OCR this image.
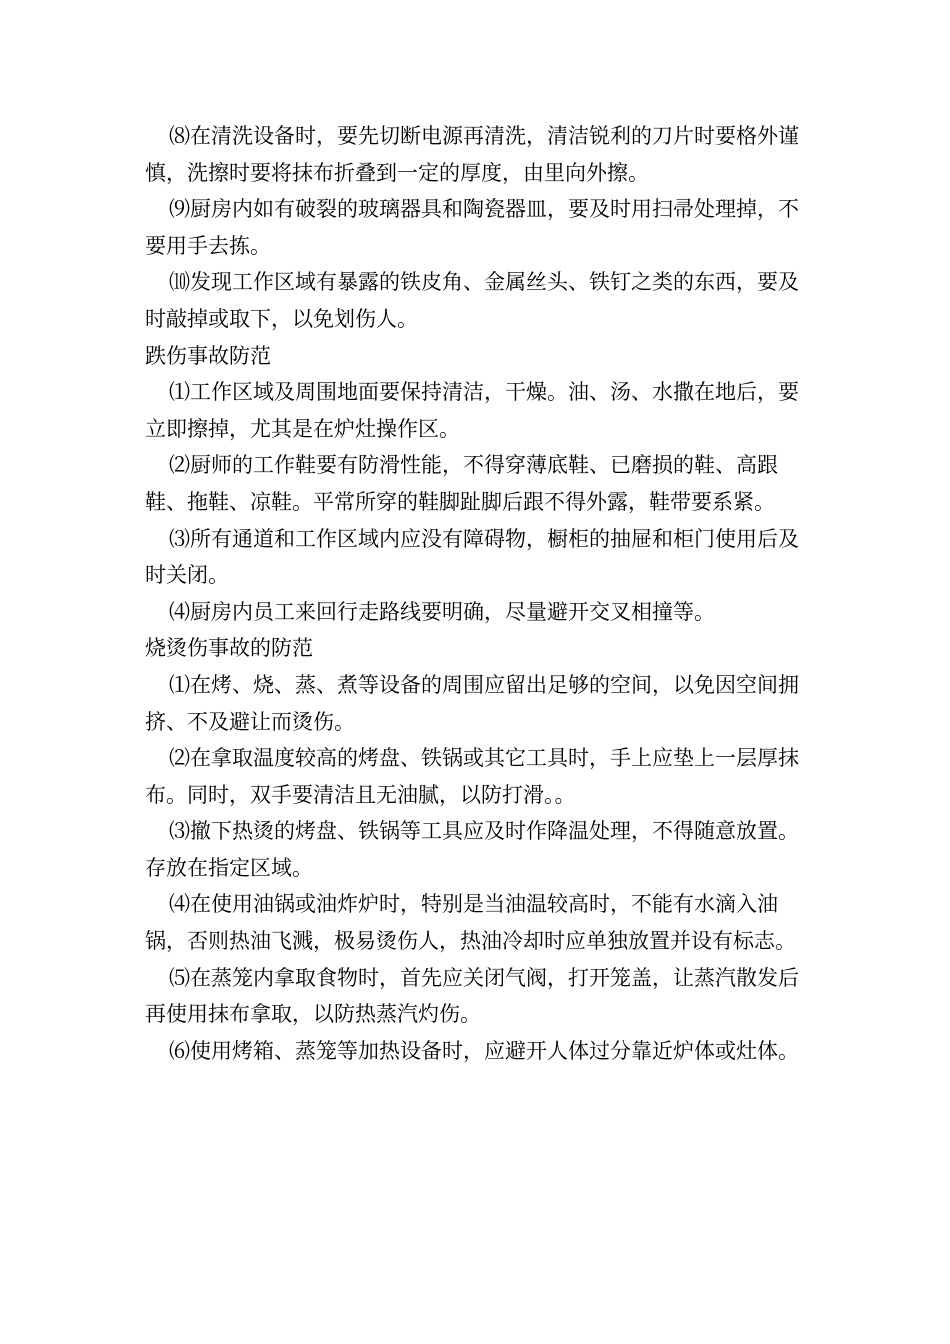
⑻在清洗设备时，要先切断电源再清洗，清洁锐利的刀片时要格外谨慎，洗擦时要将抹布折叠到一定的厚度，由里向外擦。

⑼厨房内如有破裂的玻璃器具和陶瓷器皿，要及时用扫帚处理掉，不要用手去拣。

⑽发现工作区域有暴露的铁皮角、金属丝头、铁钉之类的东西，要及时敲掉或取下，以免划伤人。

跌伤事故防范

⑴工作区域及周围地面要保持清洁，干燥。油、汤、水撒在地后，要立即擦掉，尤其是在炉灶操作区。

⑵厨师的工作鞋要有防滑性能，不得穿薄底鞋、已磨损的鞋、高跟鞋、拖鞋、凉鞋。平常所穿的鞋脚趾脚后跟不得外露，鞋带要系紧。

⑶所有通道和工作区域内应没有障碍物，橱柜的抽屉和柜门使用后及时关闭。

⑷厨房内员工来回行走路线要明确，尽量避开交叉相撞等。

烧烫伤事故的防范

⑴在烤、烧、蒸、煮等设备的周围应留出足够的空间，以免因空间拥挤、不及避让而烫伤。

⑵在拿取温度较高的烤盘、铁锅或其它工具时，手上应垫上一层厚抹布。同时，双手要清洁且无油腻，以防打滑。。

⑶撤下热烫的烤盘、铁锅等工具应及时作降温处理，不得随意放置。存放在指定区域。

⑷在使用油锅或油炸炉时，特别是当油温较高时，不能有水滴入油锅，否则热油飞溅，极易烫伤人，热油冷却时应单独放置并设有标志。

⑸在蒸笼内拿取食物时，首先应关闭气阀，打开笼盖，让蒸汽散发后再使用抹布拿取，以防热蒸汽灼伤。

⑹使用烤箱、蒸笼等加热设备时，应避开人体过分靠近炉体或灶体。
